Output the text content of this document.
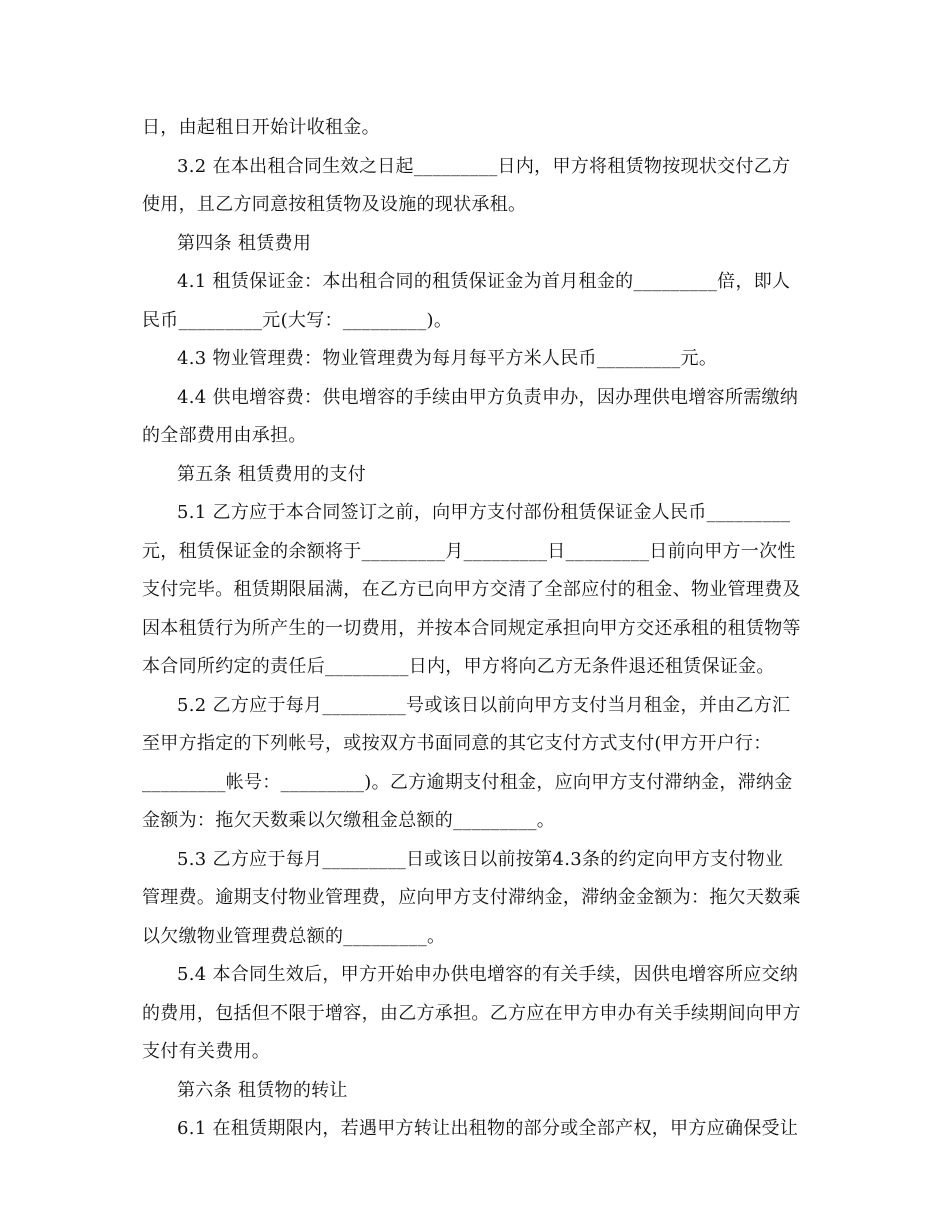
日，由起租日开始计收租金。
3.2 在本出租合同生效之日起_________日内，甲方将租赁物按现状交付乙方
使用，且乙方同意按租赁物及设施的现状承租。
第四条 租赁费用
4.1 租赁保证金：本出租合同的租赁保证金为首月租金的_________倍，即人
民币_________元(大写：_________)。
4.3 物业管理费：物业管理费为每月每平方米人民币_________元。
4.4 供电增容费：供电增容的手续由甲方负责申办，因办理供电增容所需缴纳
的全部费用由承担。
第五条 租赁费用的支付
5.1 乙方应于本合同签订之前，向甲方支付部份租赁保证金人民币_________
元，租赁保证金的余额将于_________月_________日_________日前向甲方一次性
支付完毕。租赁期限届满，在乙方已向甲方交清了全部应付的租金、物业管理费及
因本租赁行为所产生的一切费用，并按本合同规定承担向甲方交还承租的租赁物等
本合同所约定的责任后_________日内，甲方将向乙方无条件退还租赁保证金。
5.2 乙方应于每月_________号或该日以前向甲方支付当月租金，并由乙方汇
至甲方指定的下列帐号，或按双方书面同意的其它支付方式支付(甲方开户行：
_________帐号：_________)。乙方逾期支付租金，应向甲方支付滞纳金，滞纳金
金额为：拖欠天数乘以欠缴租金总额的_________。
5.3 乙方应于每月_________日或该日以前按第4.3条的约定向甲方支付物业
管理费。逾期支付物业管理费，应向甲方支付滞纳金，滞纳金金额为：拖欠天数乘
以欠缴物业管理费总额的_________。
5.4 本合同生效后，甲方开始申办供电增容的有关手续，因供电增容所应交纳
的费用，包括但不限于增容，由乙方承担。乙方应在甲方申办有关手续期间向甲方
支付有关费用。
第六条 租赁物的转让
6.1 在租赁期限内，若遇甲方转让出租物的部分或全部产权，甲方应确保受让
